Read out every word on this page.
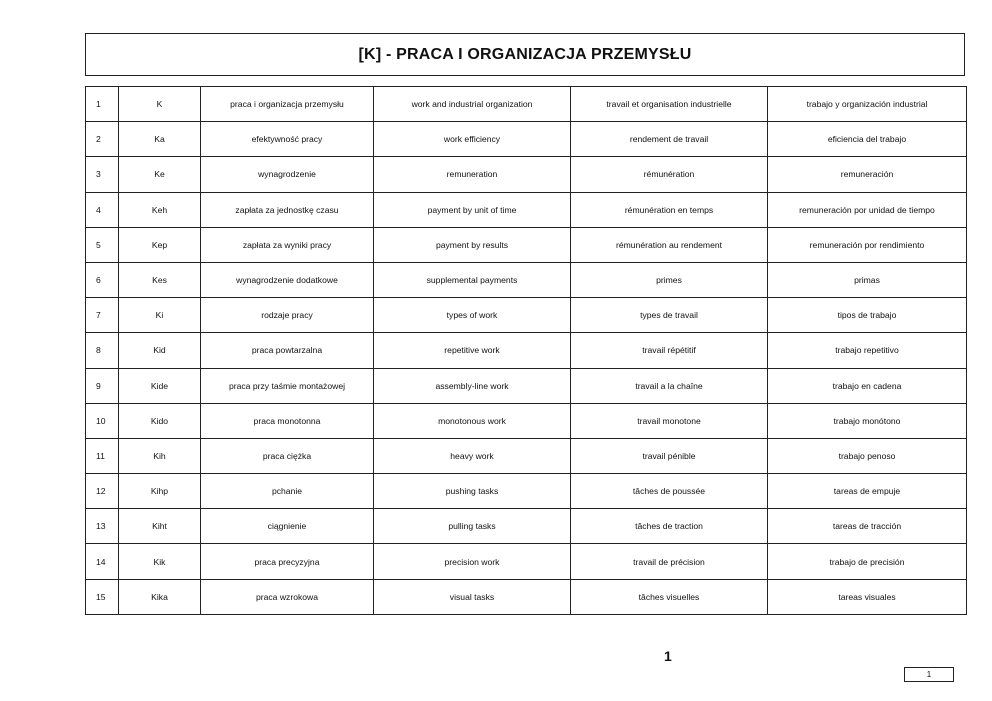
[K] - PRACA I ORGANIZACJA PRZEMYSŁU
1	K	praca i organizacja przemysłu	work and industrial organization	travail et organisation industrielle	trabajo y organización industrial
2	Ka	efektywność pracy	work efficiency	rendement de travail	eficiencia del trabajo
3	Ke	wynagrodzenie	remuneration	rémunération	remuneración
4	Keh	zapłata za jednostkę czasu	payment by unit of time	rémunération en temps	remuneración por unidad de tiempo
5	Kep	zapłata za wyniki pracy	payment by results	rémunération au rendement	remuneración por rendimiento
6	Kes	wynagrodzenie dodatkowe	supplemental payments	primes	primas
7	Ki	rodzaje pracy	types of work	types de travail	tipos de trabajo
8	Kid	praca powtarzalna	repetitive work	travail répétitif	trabajo repetitivo
9	Kide	praca przy taśmie montażowej	assembly-line work	travail a la chaîne	trabajo en cadena
10	Kido	praca monotonna	monotonous work	travail monotone	trabajo monótono
11	Kih	praca ciężka	heavy work	travail pénible	trabajo penoso
12	Kihp	pchanie	pushing tasks	tâches de poussée	tareas de empuje
13	Kiht	ciągnienie	pulling tasks	tâches de traction	tareas de tracción
14	Kik	praca precyzyjna	precision work	travail de précision	trabajo de precisión
15	Kika	praca wzrokowa	visual tasks	tâches visuelles	tareas visuales
1
1
